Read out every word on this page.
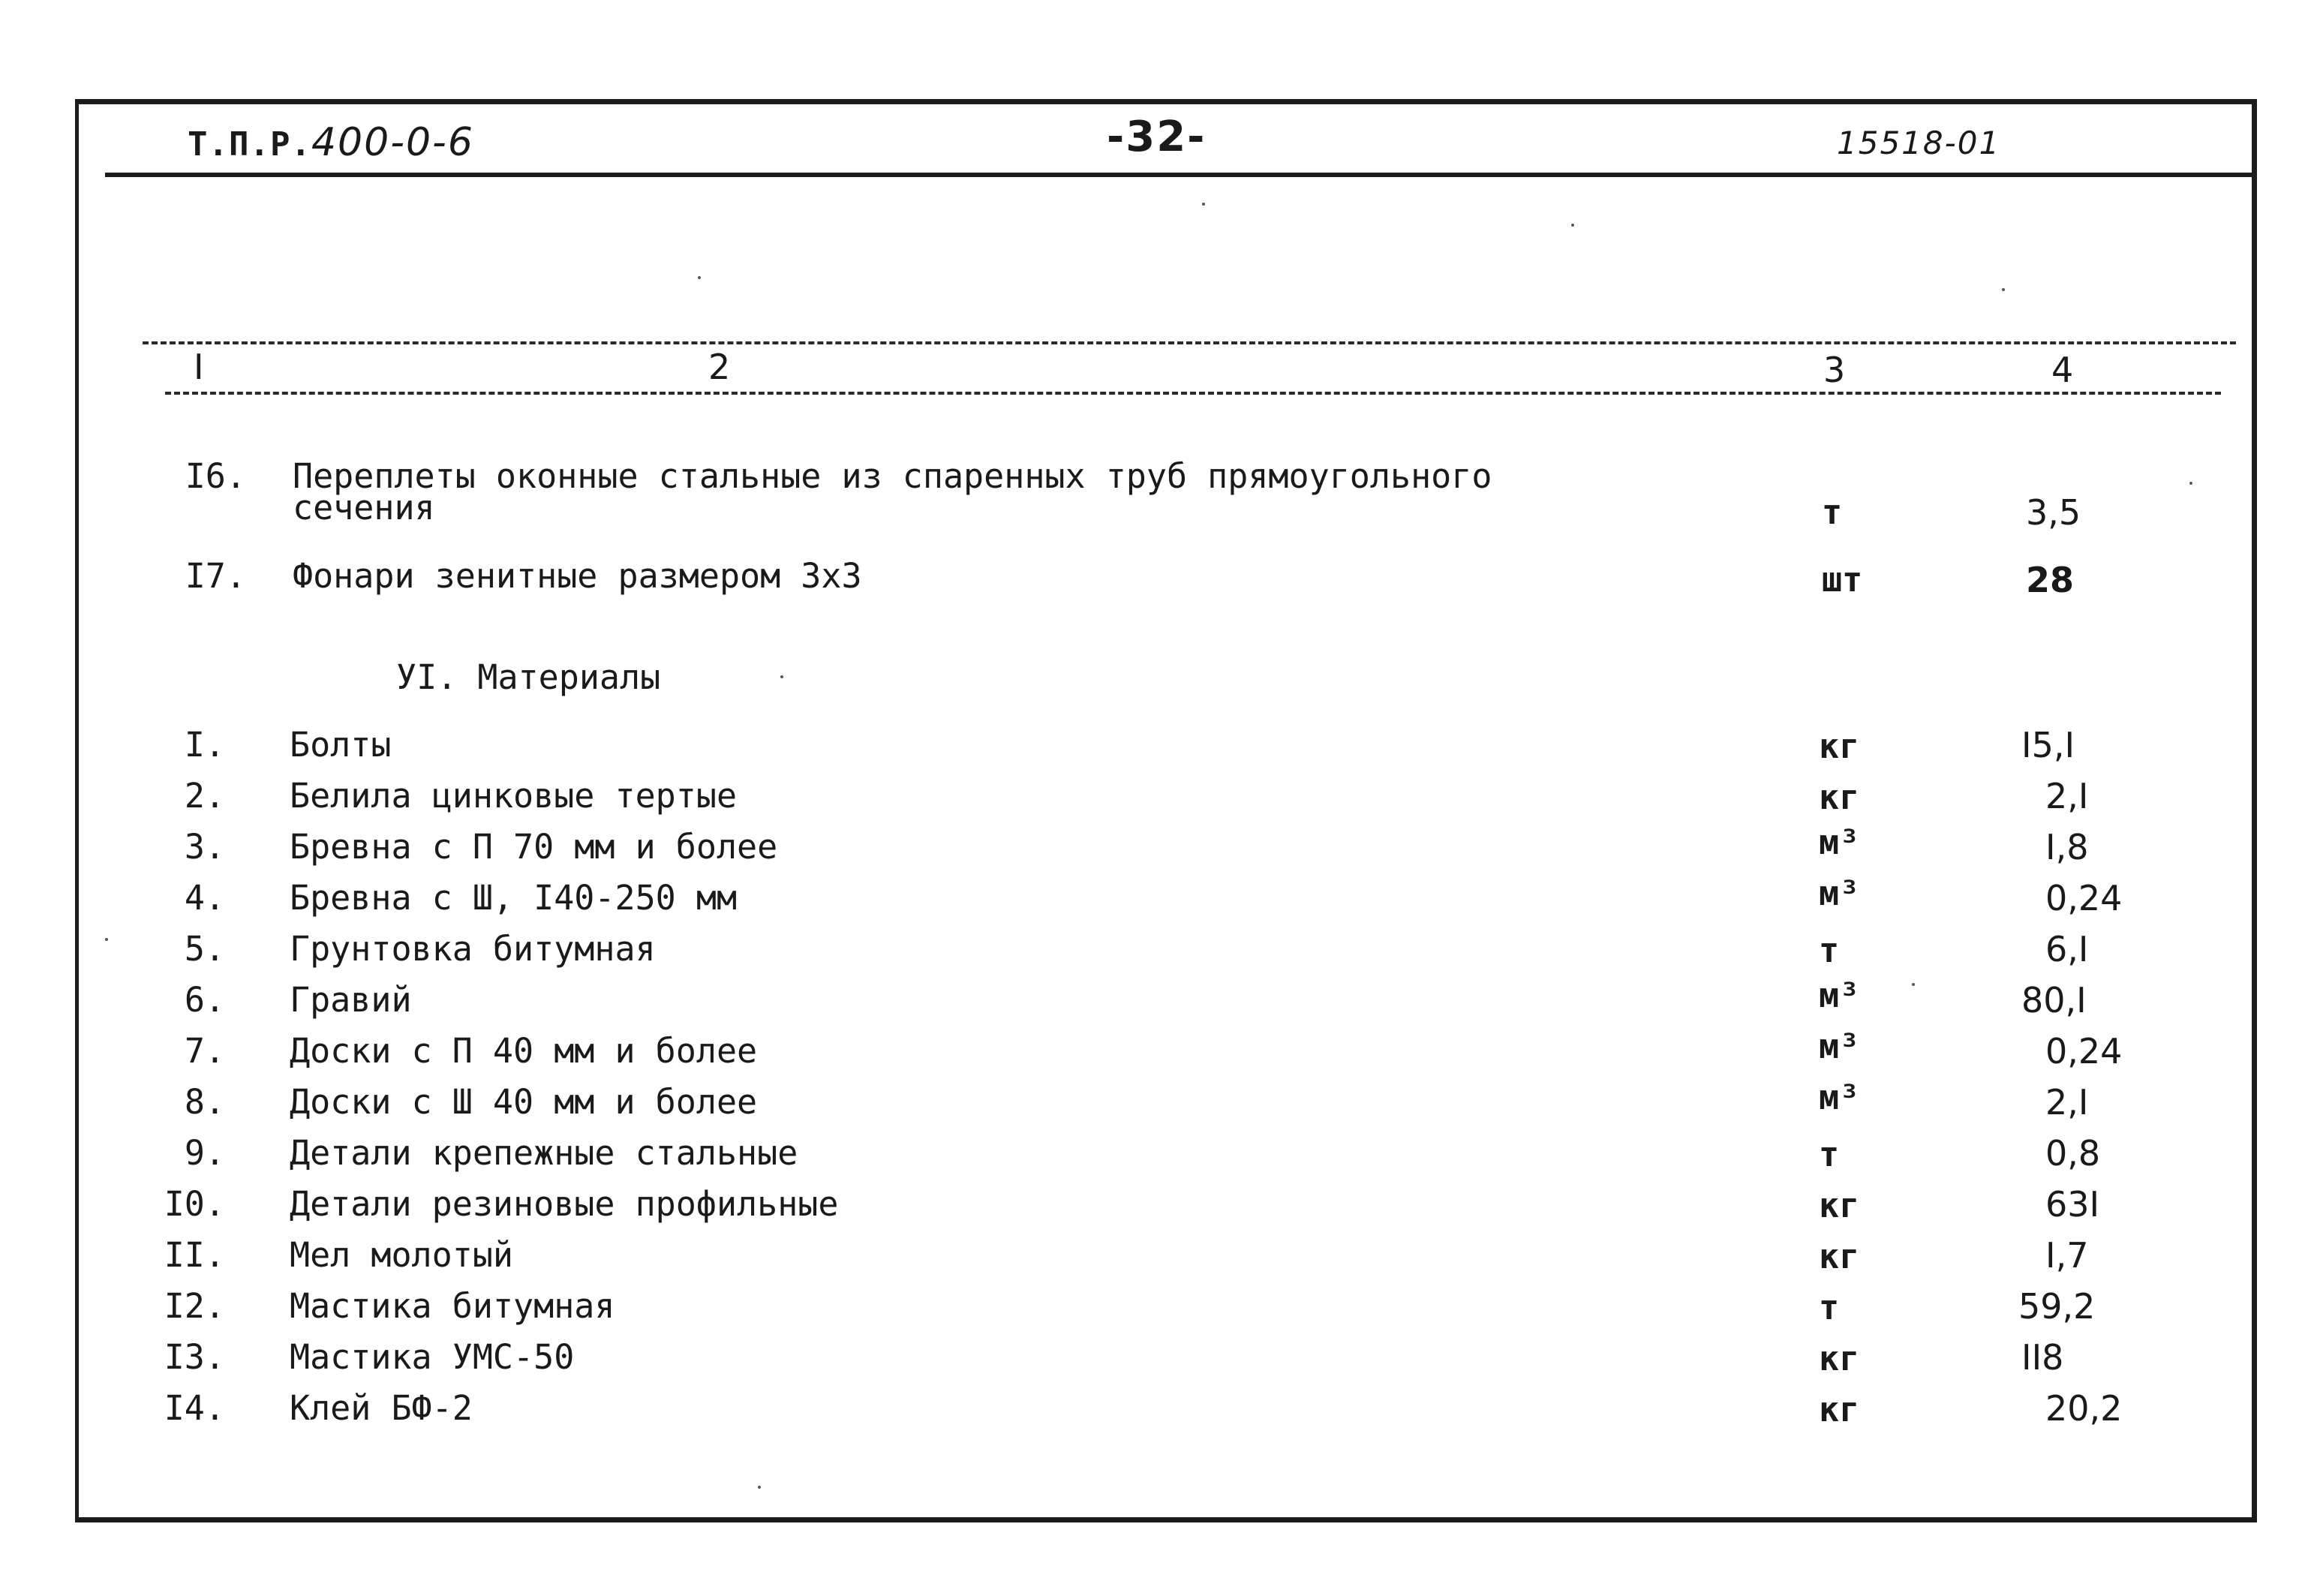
Т.П.Р.400-0-6	-32-	15518-01
I	2	3	4
I6. Переплеты оконные стальные из спаренных труб прямоугольного
сечения	т	3,5
I7. Фонари зенитные размером 3х3	шт	28
УI. Материалы
I. Болты	кг	I5,I
2. Белила цинковые тертые	кг	2,I
3. Бревна с П 70 мм и более	м³	I,8
4. Бревна с Ш, I40-250 мм	м³	0,24
5. Грунтовка битумная	т	6,I
6. Гравий	м³	80,I
7. Доски с П 40 мм и более	м³	0,24
8. Доски с Ш 40 мм и более	м³	2,I
9. Детали крепежные стальные	т	0,8
I0. Детали резиновые профильные	кг	63I
II. Мел молотый	кг	I,7
I2. Мастика битумная	т	59,2
I3. Мастика УМС-50	кг	II8
I4. Клей БФ-2	кг	20,2
